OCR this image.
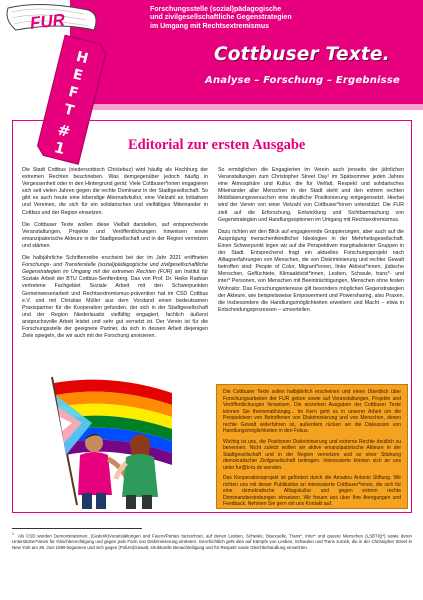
FUR
H
E
F
T
#
1
Forschungsstelle (sozial)pädagogische
und zivilgesellschaftliche Gegenstrategien
im Umgang mit Rechtsextremismus
Cottbuser Texte.
Analyse – Forschung – Ergebnisse
Editorial zur ersten Ausgabe

Die Stadt Cottbus (niedersorbisch Chóśebuz) wird häufig als Hochburg der extremen Rechten beschrieben. Was demgegenüber jedoch häufig in Vergessenheit oder in den Hintergrund gerät: Viele Cottbuser*innen engagieren sich seit vielen Jahren gegen die rechte Dominanz in der Stadtgesellschaft. So gibt es auch heute eine lebendige Alternativkultur, eine Vielzahl an Initiativen und Vereinen, die sich für ein solidarisches und vielfältiges Miteinander in Cottbus und der Region einsetzen.

Die Cottbuser Texte wollen diese Vielfalt darstellen, auf entsprechende Veranstaltungen, Projekte und Veröffentlichungen hinweisen sowie emanzipatorische Akteure in der Stadtgesellschaft und in der Region vernetzen und stärken.

Die halbjährliche Schriftenreihe erscheint bei der im Jahr 2021 eröffneten Forschungs- und Transferstelle (sozial)pädagogische und zivilgesellschaftliche Gegenstrategien im Umgang mit der extremen Rechten (FUR) am Institut für Soziale Arbeit der BTU Cottbus-Senftenberg. Das von Prof. Dr. Heike Radvan vertretene Fachgebiet Soziale Arbeit mit den Schwerpunkten Gemeinwesenarbeit und Rechtsextremismus-prävention hat im CSD Cottbus e.V. und mit Christian Müller aus dem Vorstand einen bedeutsamen Praxispartner für die Kooperation gefunden, der sich in der Stadtgesellschaft und der Region Niederlausitz vielfältig engagiert, fachlich äußerst anspruchsvolle Arbeit leistet und sehr gut vernetzt ist. Der Verein ist für die Forschungsstelle der geeignete Partner, da sich in dessen Arbeit diejenigen Ziele spiegeln, die wir auch mit der Forschung anvisieren.

So ermöglichen die Engagierten im Verein auch jenseits der jährlichen Veranstaltungen zum Christopher Street Day¹ im Spätsommer jeden Jahres eine Atmosphäre und Kultur, die für Vielfalt, Respekt und solidarisches Miteinander aller Menschen in der Stadt steht und den extrem rechten Mobilisierungsversuchen eine deutliche Positionierung entgegensetzt. Hierbei wird der Verein von einer Vielzahl von Cottbuser*innen unterstützt. Die FUR zielt auf die Erforschung, Entwicklung und Sichtbarmachung von Gegenstrategien und Handlungsoptionen im Umgang mit Rechtsextremismus.

Dazu richten wir den Blick auf engagierende Gruppierungen, aber auch auf die Ausprägung menschenfeindlicher Ideologien in der Mehrheitsgesellschaft. Einen Schwerpunkt legen wir auf die Perspektiven marginalisierter Gruppen in der Stadt. Entsprechend fragt ein aktuelles Forschungsprojekt nach Alltagserfahrungen von Menschen, die von Diskriminierung und rechter Gewalt betroffen sind: People of Color, Migrant*innen, linke Aktivist*innen, jüdische Menschen, Geflüchtete, Klimaaktivist*innen, Lesben, Schwule, trans*- und inter* Personen, von Menschen mit Beeinträchtigungen, Menschen ohne festen Wohnsitz. Das Forschungsinteresse gilt besonders möglichen Gegenstrategien der Akteure, wie beispielsweise Empowerment und Powersharing, also Praxen, die insbesondere die Handlungsmöglichkeiten erweitern und Macht – etwa in Entscheidungsprozessen – umverteilen.

Die Cottbuser Texte sollen halbjährlich erscheinen und einen Überblick über Forschungsarbeiten der FUR geben sowie auf Veranstaltungen, Projekte und Veröffentlichungen hinweisen. Die einzelnen Ausgaben der Cottbuser Texte können Sie themenabhängig... Im Kern geht es in unserer Arbeit um die Perspektiven von Betroffenen von Diskriminierung und von Menschen, denen rechte Gewalt widerfahren ist, außerdem rücken wir die Diskussion von Handlungsmöglichkeiten in den Fokus.

Wichtig ist uns, die Positionen Diskriminierung und extreme Rechte deutlich zu benennen. Nicht zuletzt wollen wir aktive emanzipatorische Akteure in der Stadtgesellschaft und in der Region vernetzen und so einer Stärkung demokratischer Zivilgesellschaft beitragen. Interessierte können sich an uns unter fur@b-tu.de wenden.

Das Kooperationsprojekt ist gefördert durch die Amadeu Antonio Stiftung. Wir richten uns mit dieser Publikation an interessierte Cottbuser*innen, die sich für eine demokratische Alltagskultur und gegen extrem rechte Dominanzbestrebungen einsetzen. Wir freuen uns über Ihre Anregungen und Feedback. Nehmen Sie gern mit uns Kontakt auf.

$^1$ Als CSD werden Demonstrationen, (Gedenk)Veranstaltungen und Feiern/Parties bezeichnet, auf denen Lesben, Schwule, Bisexuelle, Trans*, Inter* und queere Menschen (LSBTIQ*) sowie deren Unterstützer*innen für Gleichberechtigung und gegen jede Form von Diskriminierung eintreten. Geschichtlich geht dies auf Kämpfe von Lesben, Schwulen und Trans zurück, die in der Christopher Street in New York am 28. Juni 1969 begannen und sich gegen (Polizei)Gewalt, strukturelle Benachteiligung und für Respekt sowie Gleichbehandlung einsetzten.
